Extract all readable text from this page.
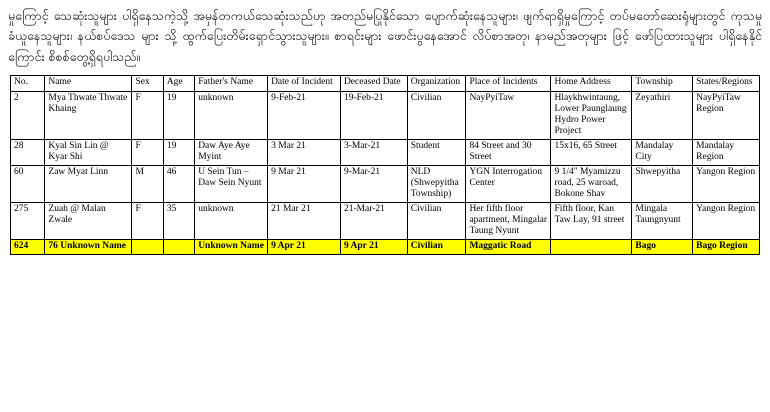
မှုကြောင့် သေဆုံးသူများ ပါရှိနေသကဲ့သို့ အမှန်တကယ်သေဆုံးသည်ဟု အတည်မပြုနိုင်သော ပျောက်ဆုံးနေသူများ၊ ဖျက်ရာရှိမှုကြောင့် တပ်မတော်ဆေးရုံများတွင် ကုသမှုခံယူနေသူများ၊ နယ်စပ်ဒေသ များ သို့ ထွက်ပြေးတိမ်းရှောင်သွားသူများ။ စာရင်းများ ဖောင်းပွနေအောင် လိပ်စာအတု၊ နာမည်အတုများ ဖြင့် ဖော်ပြထားသူများ ပါရှိနေနိုင်ကြောင်း စိစစ်တွေ့ရှိရပါသည်။

No.	Name	Sex	Age	Father's Name	Date of Incident	Deceased Date	Organization	Place of Incidents	Home Address	Township	States/Regions
2	Mya Thwate Thwate Khaing	F	19	unknown	9-Feb-21	19-Feb-21	Civilian	NayPyiTaw	Hlaykhwintaung, Lower Paunglaung Hydro Power Project	Zeyathiri	NayPyiTaw Region
28	Kyal Sin Lin @ Kyar Shi	F	19	Daw Aye Aye Myint	3 Mar 21	3-Mar-21	Student	84 Street and 30 Street	15x16, 65 Street	Mandalay City	Mandalay Region
60	Zaw Myat Linn	M	46	U Sein Tun –Daw Sein Nyunt	9 Mar 21	9-Mar-21	NLD (Shwepyitha Township)	YGN Interrogation Center	9 1/4" Myamizzu road, 25 waroad, Bokone Shav	Shwepyitha	Yangon Region
275	Zuah @ Malan Zwale	F	35	unknown	21 Mar 21	21-Mar-21	Civilian	Her fifth floor apartment, Mingalar Taung Nyunt	Fifth floor, Kan Taw Lay, 91 street	Mingala Taungnyunt	Yangon Region
624	76 Unknown Name			Unknown Name	9 Apr 21	9 Apr 21	Civilian	Maggatic Road		Bago	Bago Region
